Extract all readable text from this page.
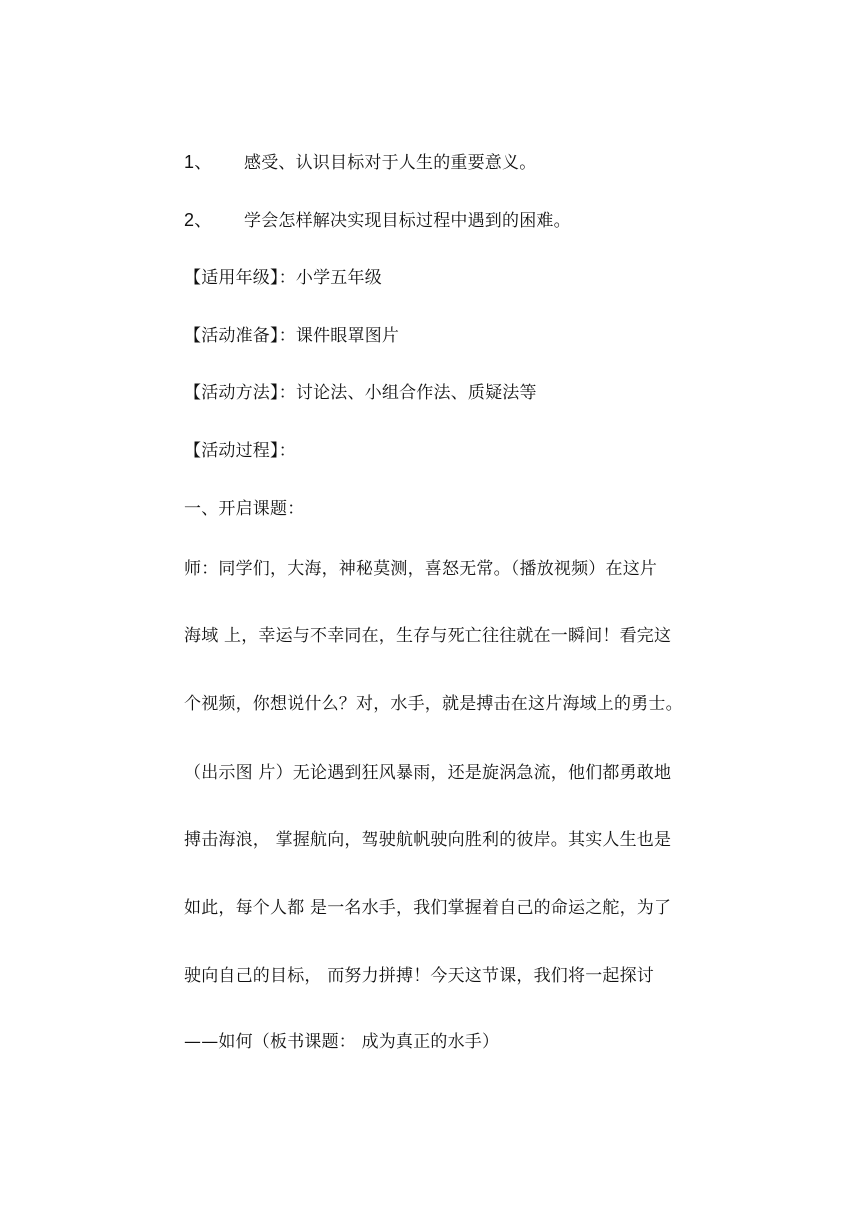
1、 感受、认识目标对于人生的重要意义。
2、 学会怎样解决实现目标过程中遇到的困难。
【适用年级】：小学五年级
【活动准备】：课件眼罩图片
【活动方法】：讨论法、小组合作法、质疑法等
【活动过程】：
一、开启课题：
师：同学们，大海，神秘莫测，喜怒无常。（播放视频）在这片
海域 上，幸运与不幸同在，生存与死亡往往就在一瞬间！看完这
个视频，你想说什么？对，水手，就是搏击在这片海域上的勇士。
（出示图 片）无论遇到狂风暴雨，还是旋涡急流，他们都勇敢地
搏击海浪， 掌握航向，驾驶航帆驶向胜利的彼岸。其实人生也是
如此，每个人都 是一名水手，我们掌握着自己的命运之舵，为了
驶向自己的目标， 而努力拼搏！今天这节课，我们将一起探讨
——如何（板书课题： 成为真正的水手）
